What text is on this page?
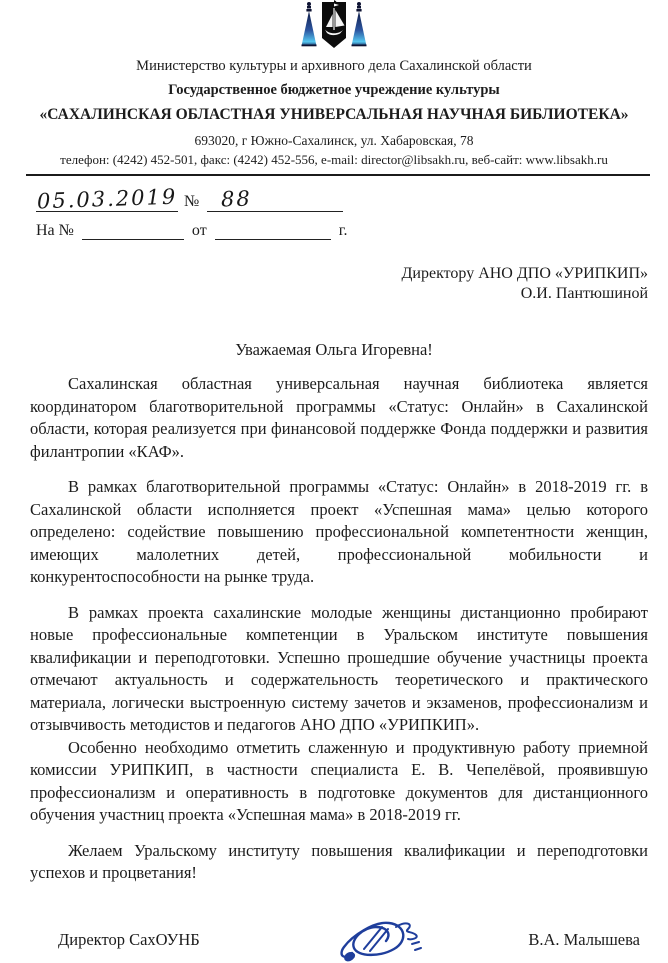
Министерство культуры и архивного дела Сахалинской области
Государственное бюджетное учреждение культуры
«САХАЛИНСКАЯ ОБЛАСТНАЯ УНИВЕРСАЛЬНАЯ НАУЧНАЯ БИБЛИОТЕКА»
693020, г Южно-Сахалинск, ул. Хабаровская, 78
телефон: (4242) 452-501, факс: (4242) 452-556, e-mail: director@libsakh.ru, веб-сайт: www.libsakh.ru
05.03.2019 №	88
На №	от	г.
Директору АНО ДПО «УРИПКИП»
О.И. Пантюшиной
Уважаемая Ольга Игоревна!

Сахалинская областная универсальная научная библиотека является координатором благотворительной программы «Статус: Онлайн» в Сахалинской области, которая реализуется при финансовой поддержке Фонда поддержки и развития филантропии «КАФ».

В рамках благотворительной программы «Статус: Онлайн» в 2018-2019 гг. в Сахалинской области исполняется проект «Успешная мама» целью которого определено: содействие повышению профессиональной компетентности женщин, имеющих малолетних детей, профессиональной мобильности и конкурентоспособности на рынке труда.

В рамках проекта сахалинские молодые женщины дистанционно пробирают новые профессиональные компетенции в Уральском институте повышения квалификации и переподготовки. Успешно прошедшие обучение участницы проекта отмечают актуальность и содержательность теоретического и практического материала, логически выстроенную систему зачетов и экзаменов, профессионализм и отзывчивость методистов и педагогов АНО ДПО «УРИПКИП».

Особенно необходимо отметить слаженную и продуктивную работу приемной комиссии УРИПКИП, в частности специалиста Е. В. Чепелёвой, проявившую профессионализм и оперативность в подготовке документов для дистанционного обучения участниц проекта «Успешная мама» в 2018-2019 гг.

Желаем Уральскому институту повышения квалификации и переподготовки успехов и процветания!

Директор СахОУНБ	В.А. Малышева
